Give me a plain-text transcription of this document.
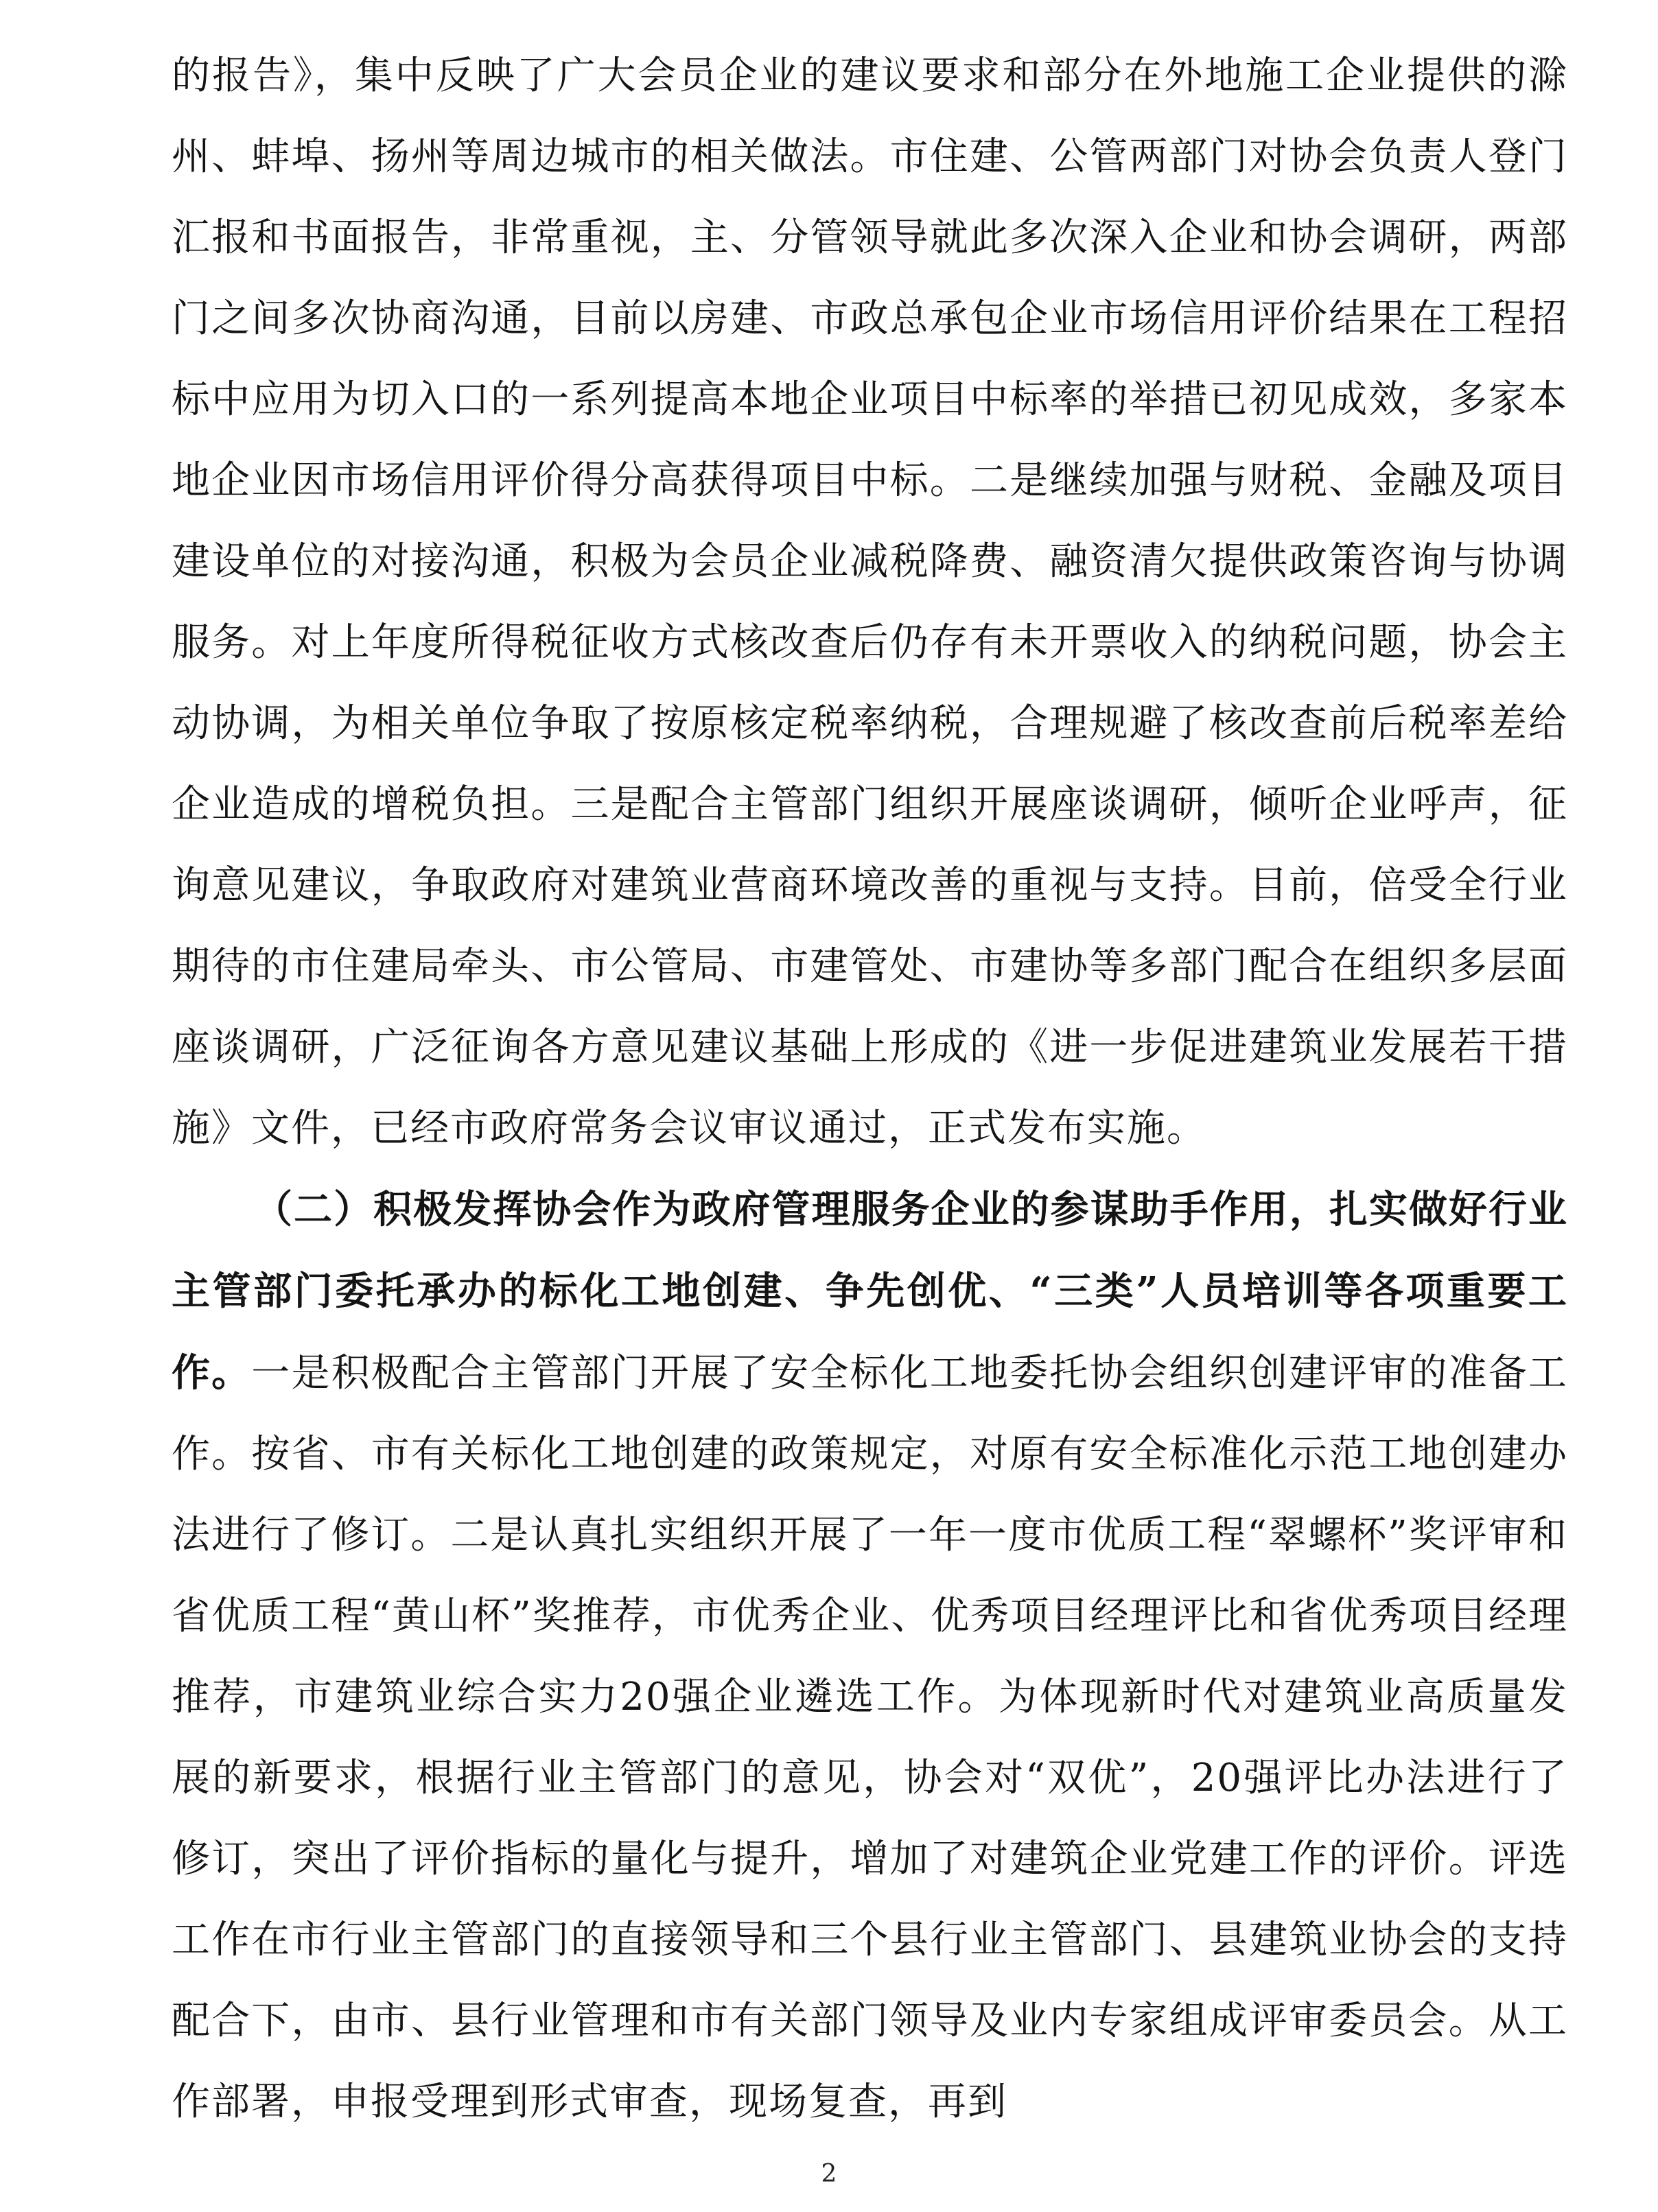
的报告》，集中反映了广大会员企业的建议要求和部分在外地施工企业提供的滁州、蚌埠、扬州等周边城市的相关做法。市住建、公管两部门对协会负责人登门汇报和书面报告，非常重视，主、分管领导就此多次深入企业和协会调研，两部门之间多次协商沟通，目前以房建、市政总承包企业市场信用评价结果在工程招标中应用为切入口的一系列提高本地企业项目中标率的举措已初见成效，多家本地企业因市场信用评价得分高获得项目中标。二是继续加强与财税、金融及项目建设单位的对接沟通，积极为会员企业减税降费、融资清欠提供政策咨询与协调服务。对上年度所得税征收方式核改查后仍存有未开票收入的纳税问题，协会主动协调，为相关单位争取了按原核定税率纳税，合理规避了核改查前后税率差给企业造成的增税负担。三是配合主管部门组织开展座谈调研，倾听企业呼声，征询意见建议，争取政府对建筑业营商环境改善的重视与支持。目前，倍受全行业期待的市住建局牵头、市公管局、市建管处、市建协等多部门配合在组织多层面座谈调研，广泛征询各方意见建议基础上形成的《进一步促进建筑业发展若干措施》文件，已经市政府常务会议审议通过，正式发布实施。

（二）积极发挥协会作为政府管理服务企业的参谋助手作用，扎实做好行业主管部门委托承办的标化工地创建、争先创优、“三类”人员培训等各项重要工作。一是积极配合主管部门开展了安全标化工地委托协会组织创建评审的准备工作。按省、市有关标化工地创建的政策规定，对原有安全标准化示范工地创建办法进行了修订。二是认真扎实组织开展了一年一度市优质工程“翠螺杯”奖评审和省优质工程“黄山杯”奖推荐，市优秀企业、优秀项目经理评比和省优秀项目经理推荐，市建筑业综合实力20强企业遴选工作。为体现新时代对建筑业高质量发展的新要求，根据行业主管部门的意见，协会对“双优”，20强评比办法进行了修订，突出了评价指标的量化与提升，增加了对建筑企业党建工作的评价。评选工作在市行业主管部门的直接领导和三个县行业主管部门、县建筑业协会的支持配合下，由市、县行业管理和市有关部门领导及业内专家组成评审委员会。从工作部署，申报受理到形式审查，现场复查，再到

2
